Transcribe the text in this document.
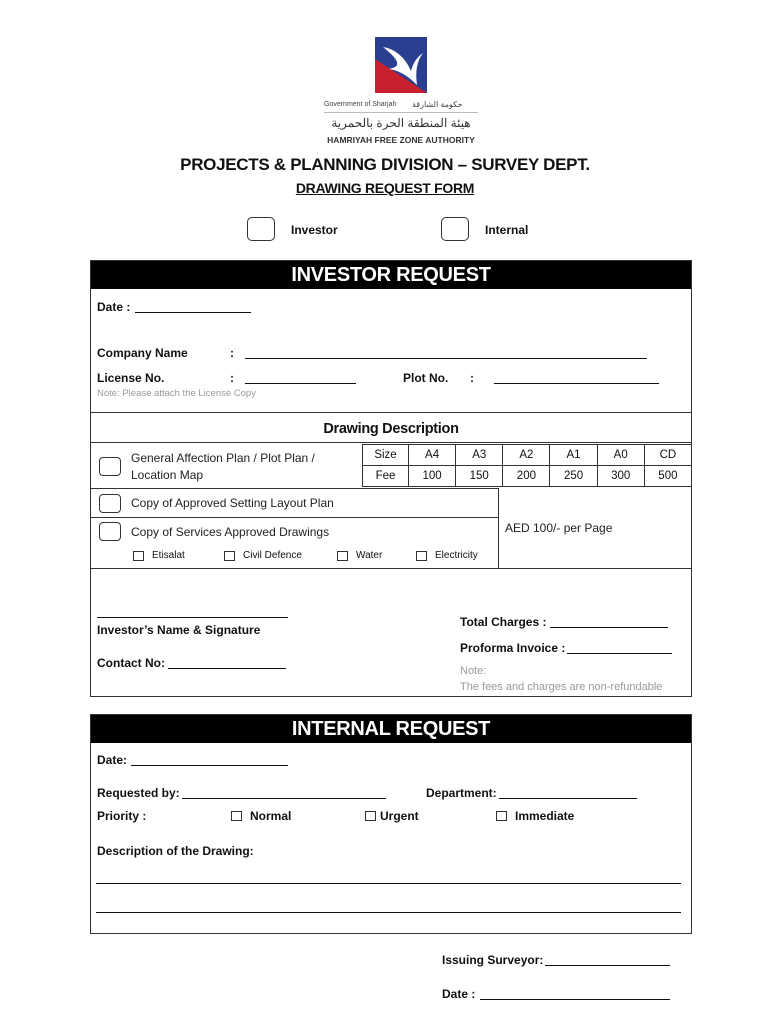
Government of Sharjah حكومة الشارقة
هيئة المنطقة الحرة بالحمرية
HAMRIYAH FREE ZONE AUTHORITY
PROJECTS & PLANNING DIVISION – SURVEY DEPT.
DRAWING REQUEST FORM
Investor	Internal
INVESTOR REQUEST
Date :
Company Name	:
License No.	:	Plot No. :
Note: Please attach the License Copy
Drawing Description
General Affection Plan / Plot Plan /
Location Map
Size	A4	A3	A2	A1	A0	CD
Fee	100	150	200	250	300	500
Copy of Approved Setting Layout Plan
AED 100/- per Page
Copy of Services Approved Drawings
Etisalat	Civil Defence	Water	Electricity
Investor’s Name & Signature
Contact No:
Total Charges :
Proforma Invoice :
Note:
The fees and charges are non-refundable
INTERNAL REQUEST
Date:
Requested by:	Department:
Priority :	Normal	Urgent	Immediate
Description of the Drawing:
Issuing Surveyor:
Date :
